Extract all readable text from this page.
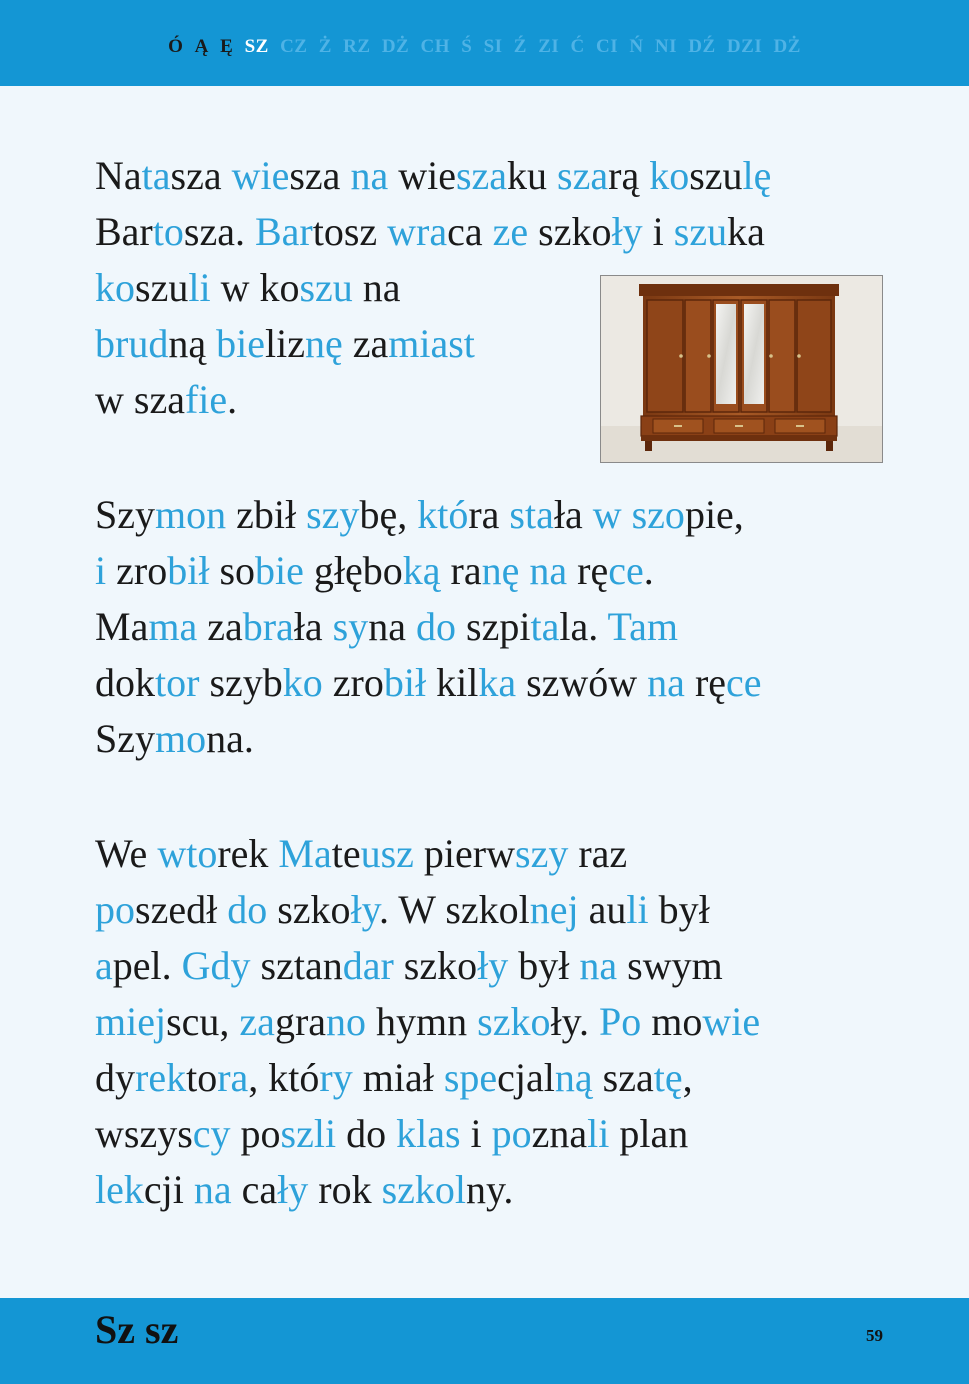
Ó Ą Ę SZ CZ Ż RZ DŻ CH Ś SI Ź ZI Ć CI Ń NI DŹ DZI DŻ
Natasza wiesza na wieszaku szarą koszulę
Bartosza. Bartosz wraca ze szkoły i szuka
koszuli w koszu na
brudną bieliznę zamiast
w szafie.
Szymon zbił szybę, która stała w szopie,
i zrobił sobie głęboką ranę na ręce.
Mama zabrała syna do szpitala. Tam
doktor szybko zrobił kilka szwów na ręce
Szymona.
We wtorek Mateusz pierwszy raz
poszedł do szkoły. W szkolnej auli był
apel. Gdy sztandar szkoły był na swym
miejscu, zagrano hymn szkoły. Po mowie
dyrektora, który miał specjalną szatę,
wszyscy poszli do klas i poznali plan
lekcji na cały rok szkolny.
Sz sz	59
